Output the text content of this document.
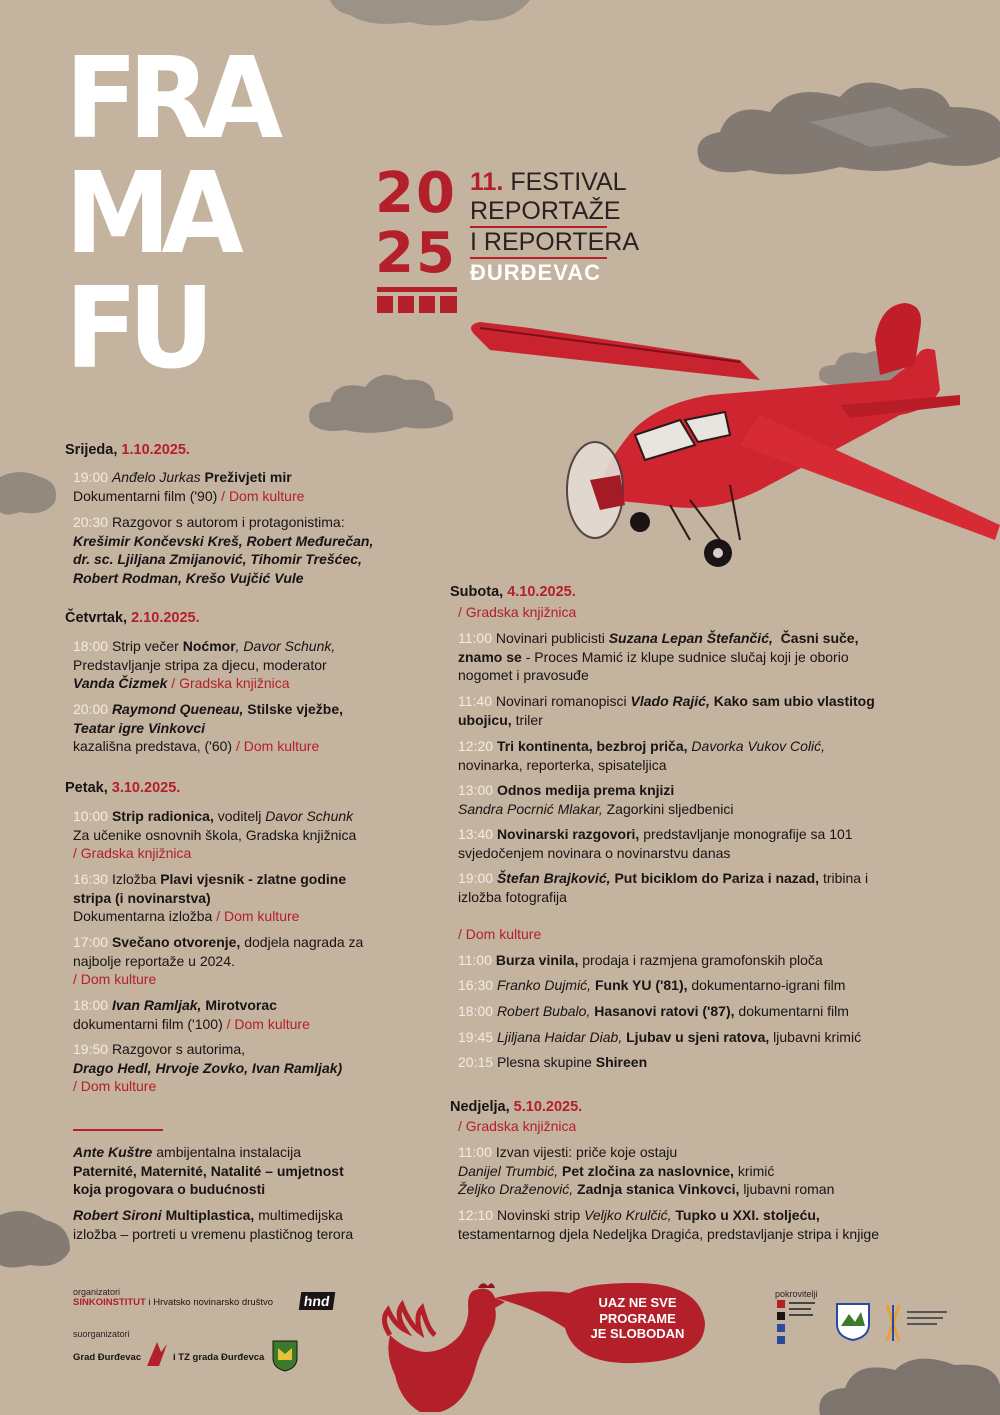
FRA
MA
FU
20
25
11. FESTIVAL
REPORTAŽE
I REPORTERA
ĐURĐEVAC
Srijeda, 1.10.2025.
19:00 Anđelo Jurkas Preživjeti mir
Dokumentarni film ('90) / Dom kulture
20:30 Razgovor s autorom i protagonistima:
Krešimir Končevski Kreš, Robert Međurečan,
dr. sc. Ljiljana Zmijanović, Tihomir Trešćec,
Robert Rodman, Krešo Vujčić Vule
Četvrtak, 2.10.2025.
18:00 Strip večer Noćmor, Davor Schunk,
Predstavljanje stripa za djecu, moderator
Vanda Čizmek / Gradska knjižnica
20:00 Raymond Queneau, Stilske vježbe,
Teatar igre Vinkovci
kazališna predstava, ('60) / Dom kulture
Petak, 3.10.2025.
10:00 Strip radionica, voditelj Davor Schunk
Za učenike osnovnih škola, Gradska knjižnica
/ Gradska knjižnica
16:30 Izložba Plavi vjesnik - zlatne godine
stripa (i novinarstva)
Dokumentarna izložba / Dom kulture
17:00 Svečano otvorenje, dodjela nagrada za
najbolje reportaže u 2024.
/ Dom kulture
18:00 Ivan Ramljak, Mirotvorac
dokumentarni film ('100) / Dom kulture
19:50 Razgovor s autorima,
Drago Hedl, Hrvoje Zovko, Ivan Ramljak)
/ Dom kulture
Ante Kuštre ambijentalna instalacija
Paternité, Maternité, Natalité – umjetnost
koja progovara o budućnosti
Robert Sironi Multiplastica, multimedijska
izložba – portreti u vremenu plastičnog terora
Subota, 4.10.2025.
/ Gradska knjižnica
11:00 Novinari publicisti Suzana Lepan Štefančić, Časni suče,
znamo se - Proces Mamić iz klupe sudnice slučaj koji je oborio
nogomet i pravosuđe
11:40 Novinari romanopisci Vlado Rajić, Kako sam ubio vlastitog
ubojicu, triler
12:20 Tri kontinenta, bezbroj priča, Davorka Vukov Colić,
novinarka, reporterka, spisateljica
13:00 Odnos medija prema knjizi
Sandra Pocrnić Mlakar, Zagorkini sljedbenici
13:40 Novinarski razgovori, predstavljanje monografije sa 101
svjedočenjem novinara o novinarstvu danas
19:00 Štefan Brajković, Put biciklom do Pariza i nazad, tribina i
izložba fotografija
/ Dom kulture
11:00 Burza vinila, prodaja i razmjena gramofonskih ploča
16:30 Franko Dujmić, Funk YU ('81), dokumentarno-igrani film
18:00 Robert Bubalo, Hasanovi ratovi ('87), dokumentarni film
19:45 Ljiljana Haidar Diab, Ljubav u sjeni ratova, ljubavni krimić
20:15 Plesna skupine Shireen
Nedjelja, 5.10.2025.
/ Gradska knjižnica
11:00 Izvan vijesti: priče koje ostaju
Danijel Trumbić, Pet zločina za naslovnice, krimić
Željko Draženović, Zadnja stanica Vinkovci, ljubavni roman
12:10 Novinski strip Veljko Krulčić, Tupko u XXI. stoljeću,
testamentarnog djela Nedeljka Dragića, predstavljanje stripa i knjige
UAZ NE SVE
PROGRAME
JE SLOBODAN
organizatori
SINKOINSTITUT i Hrvatsko novinarsko društvo hnd
suorganizatori
Grad Đurđevac	i TZ grada Đurđevca
pokrovitelji
